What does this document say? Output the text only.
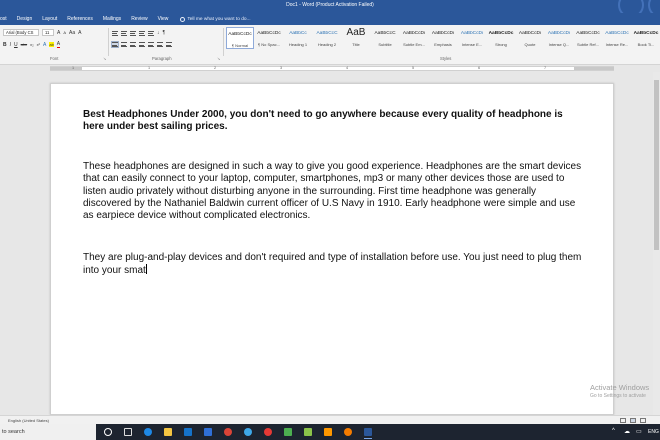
Doc1 - Word (Product Activation Failed)
ost Design Layout References Mailings Review View	Tell me what you want to do...
Arial (Body CS	11	A A Aa A
B I U abc x₂ x² A ab A
Font	↘
↓ ¶
Paragraph	↘
AaBbCcDc
¶ Normal
AaBbCcDc
¶ No Spac...
AaBbCc
Heading 1
AaBbCcC
Heading 2
AaB
Title
AaBbCcC
Subtitle
AaBbCcDi
Subtle Em...
AaBbCcDi
Emphasis
AaBbCcDi
Intense E...
AaBbCcDc
Strong
AaBbCcDi
Quote
AaBbCcDi
Intense Q...
AaBbCcDc
Subtle Ref...
AaBbCcDc
Intense Re...
AaBbCcDc
Book Ti...
Styles
1	1	2	3	4	5	6	7
Best Headphones Under 2000, you don't need to go anywhere because every quality of headphone is here under best sailing prices.
These headphones are designed in such a way to give you good experience. Headphones are the smart devices that can easily connect to your laptop, computer, smartphones, mp3 or many other devices those are used to listen audio privately without disturbing anyone in the surrounding. First time headphone was generally discovered by the Nathaniel Baldwin current officer of U.S Navy in 1910. Early headphone were simple and use as earpiece device without complicated electronics.
They are plug-and-play devices and don't required and type of installation before use. You just need to plug them into your smat
Activate Windows
Go to Settings to activate
English (United States)
to search	^ ☁ ▭ ENG
